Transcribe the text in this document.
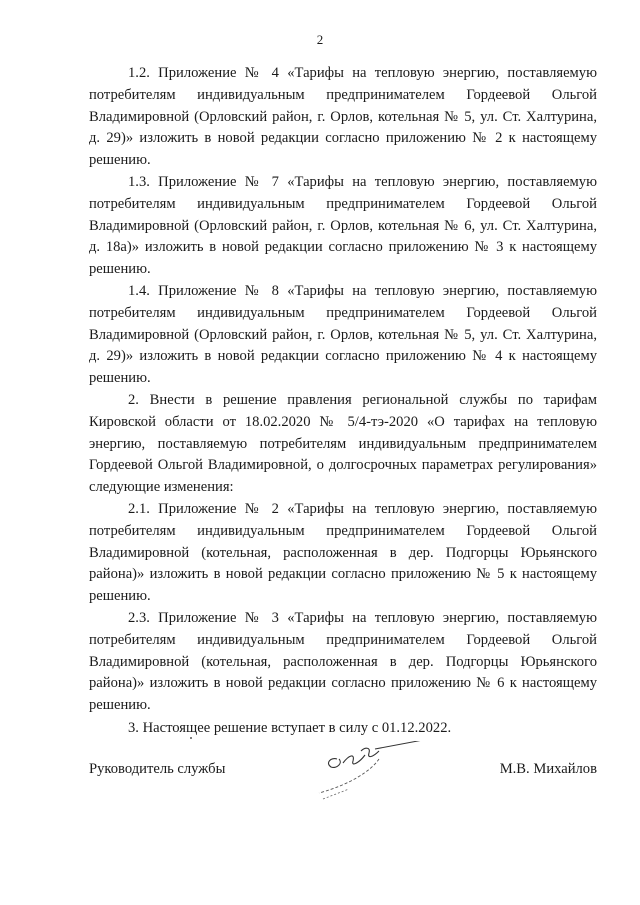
2

1.2. Приложение № 4 «Тарифы на тепловую энергию, поставляемую потребителям индивидуальным предпринимателем Гордеевой Ольгой Владимировной (Орловский район, г. Орлов, котельная № 5, ул. Ст. Халтурина, д. 29)» изложить в новой редакции согласно приложению № 2 к настоящему решению.

1.3. Приложение № 7 «Тарифы на тепловую энергию, поставляемую потребителям индивидуальным предпринимателем Гордеевой Ольгой Владимировной (Орловский район, г. Орлов, котельная № 6, ул. Ст. Халтурина, д. 18а)» изложить в новой редакции согласно приложению № 3 к настоящему решению.

1.4. Приложение № 8 «Тарифы на тепловую энергию, поставляемую потребителям индивидуальным предпринимателем Гордеевой Ольгой Владимировной (Орловский район, г. Орлов, котельная № 5, ул. Ст. Халтурина, д. 29)» изложить в новой редакции согласно приложению № 4 к настоящему решению.

2. Внести в решение правления региональной службы по тарифам Кировской области от 18.02.2020 № 5/4-тэ-2020 «О тарифах на тепловую энергию, поставляемую потребителям индивидуальным предпринимателем Гордеевой Ольгой Владимировной, о долгосрочных параметрах регулирования» следующие изменения:

2.1. Приложение № 2 «Тарифы на тепловую энергию, поставляемую потребителям индивидуальным предпринимателем Гордеевой Ольгой Владимировной (котельная, расположенная в дер. Подгорцы Юрьянского района)» изложить в новой редакции согласно приложению № 5 к настоящему решению.

2.3. Приложение № 3 «Тарифы на тепловую энергию, поставляемую потребителям индивидуальным предпринимателем Гордеевой Ольгой Владимировной (котельная, расположенная в дер. Подгорцы Юрьянского района)» изложить в новой редакции согласно приложению № 6 к настоящему решению.

3. Настоящее решение вступает в силу с 01.12.2022.

Руководитель службы	М.В. Михайлов
